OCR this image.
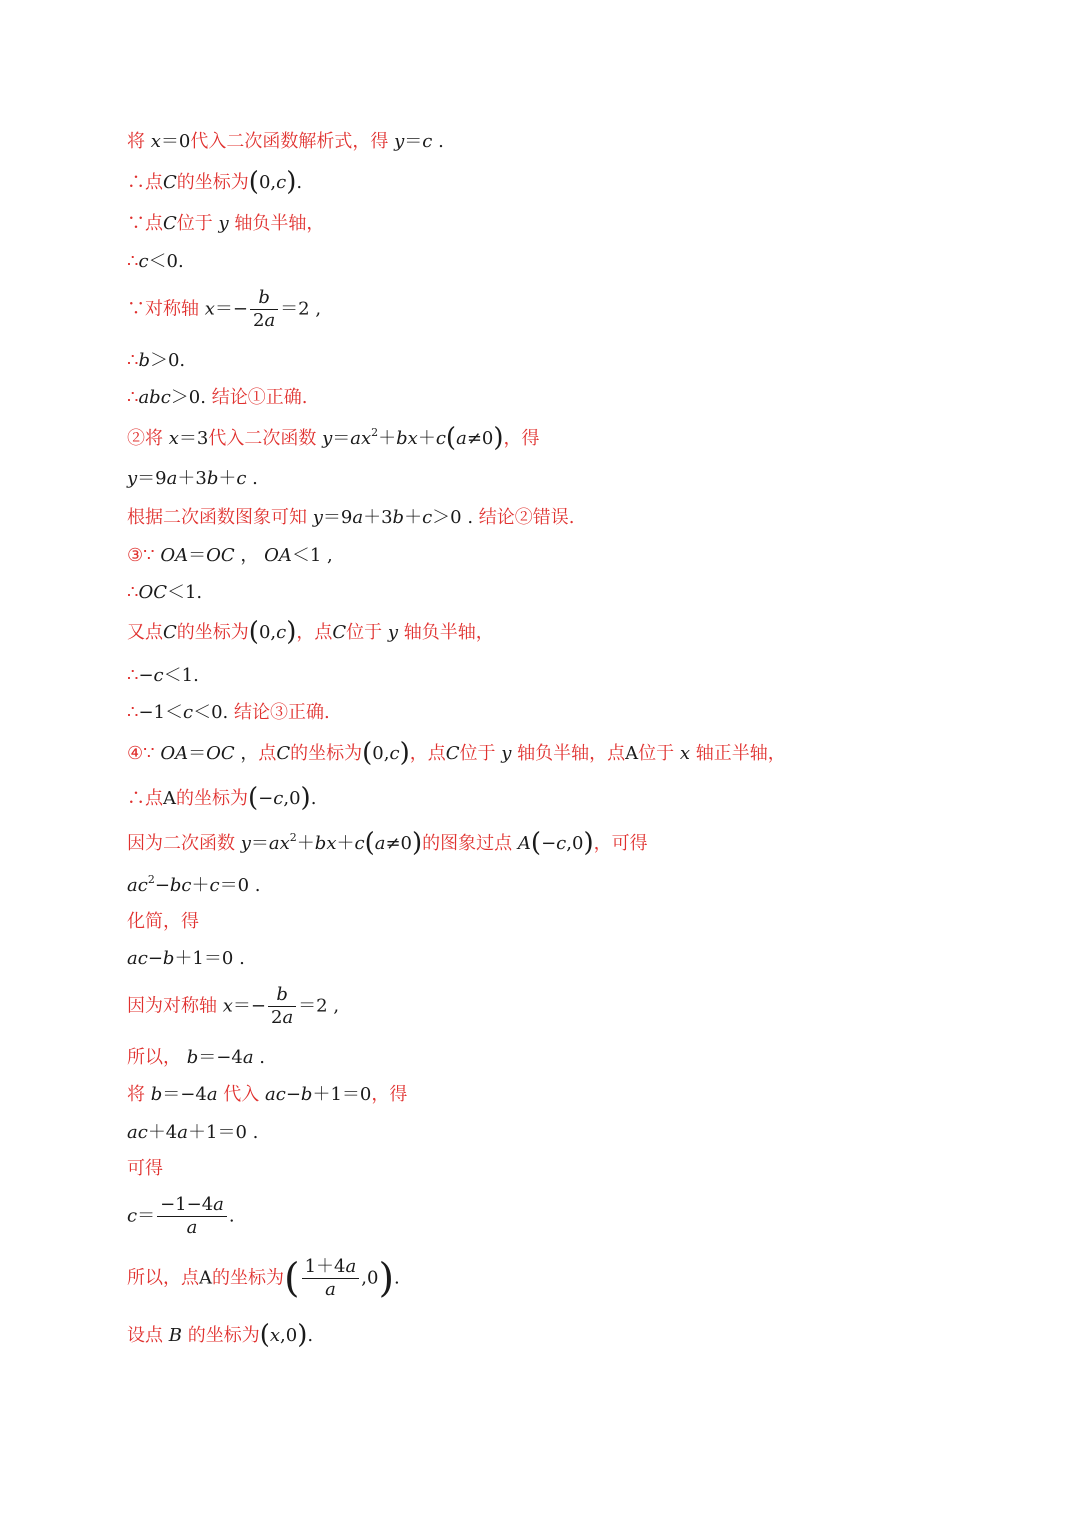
将 x＝0代入二次函数解析式，得 y＝c .
∴点C的坐标为(0,c).
∵点C位于 y 轴负半轴，
∴c＜0.
∵对称轴 $x=- \frac{b}{2a} =2$ ,
∴b＞0.
∴abc＞0. 结论①正确.
②将 x＝3代入二次函数 $y=ax^2+bx+c(a\ne 0)$，得
y＝9a＋3b＋c .
根据二次函数图象可知 y＝9a＋3b＋c＞0 . 结论②错误.
③∵ OA＝OC ， OA＜1 ,
∴OC＜1.
又点C的坐标为(0,c)，点C位于 y 轴负半轴，
∴−c＜1.
∴−1＜c＜0. 结论③正确.
④∵ OA＝OC ，点C的坐标为(0,c)，点C位于 y 轴负半轴，点A位于 x 轴正半轴，
∴点A的坐标为(−c,0).
因为二次函数 $y=ax^2+bx+c(a\ne 0)$的图象过点 A(−c,0)，可得
$ac^2-bc+c=0$ .
化简，得
ac−b＋1＝0 .
因为对称轴 $x=- \frac{b}{2a} =2$ ,
所以， b＝−4a .
将 b＝−4a 代入 ac−b＋1＝0，得
ac＋4a＋1＝0 .
可得
$c= \frac{-1-4a}{a}$ .
所以，点A的坐标为( $\frac{1+4a}{a} ,0$).
设点 B 的坐标为(x,0).
